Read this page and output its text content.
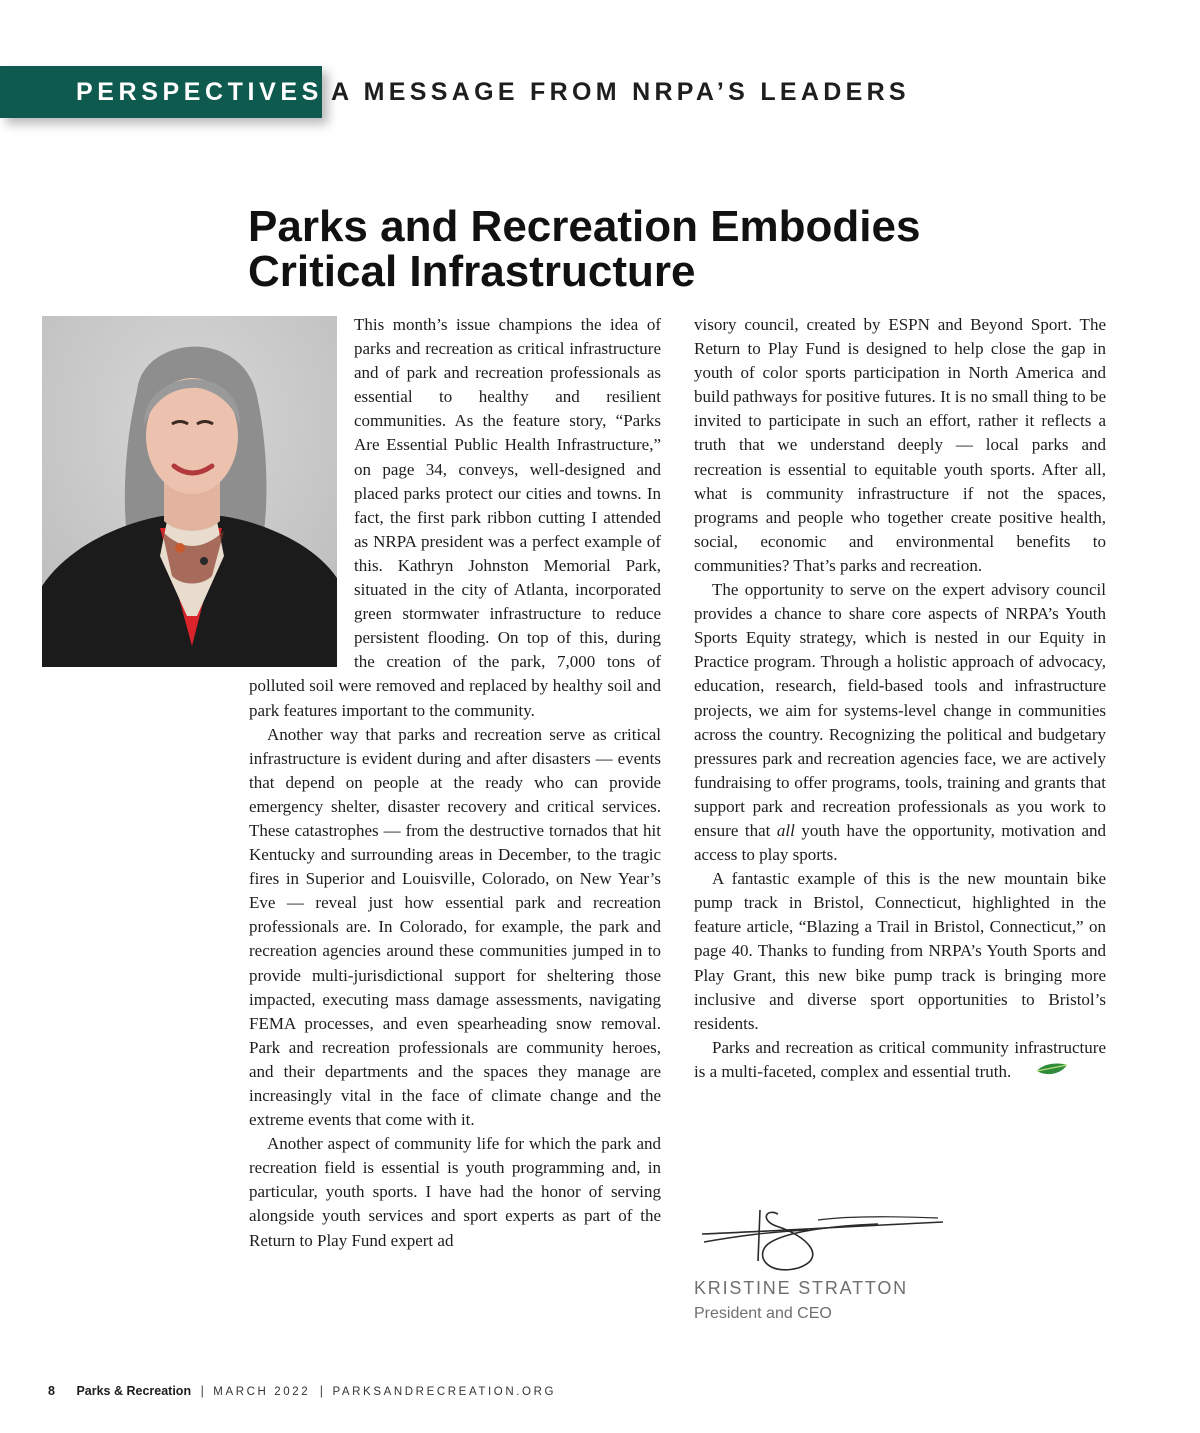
PERSPECTIVES A MESSAGE FROM NRPA’S LEADERS
Parks and Recreation Embodies
Critical Infrastructure

This month’s issue champions the idea of parks and recreation as critical infrastructure and of park and recreation professionals as essential to healthy and resilient communities. As the feature story, “Parks Are Essential Public Health Infrastructure,” on page 34, conveys, well-designed and placed parks protect our cities and towns. In fact, the first park ribbon cutting I attended as NRPA president was a perfect example of this. Kathryn Johnston Memorial Park, situated in the city of Atlanta, incorporated green stormwater infrastructure to reduce persistent flooding. On top of this, during the creation of the park, 7,000 tons of polluted soil were removed and replaced by healthy soil and park features important to the community.

Another way that parks and recreation serve as critical infrastructure is evident during and after disasters — events that depend on people at the ready who can provide emergency shelter, disaster recovery and critical services. These catastrophes — from the destructive tornados that hit Kentucky and surrounding areas in December, to the tragic fires in Superior and Louisville, Colorado, on New Year’s Eve — reveal just how essential park and recreation professionals are. In Colorado, for example, the park and recreation agencies around these communities jumped in to provide multi-jurisdictional support for sheltering those impacted, executing mass damage assessments, navigating FEMA processes, and even spearheading snow removal. Park and recreation professionals are community heroes, and their departments and the spaces they manage are increasingly vital in the face of climate change and the extreme events that come with it.

Another aspect of community life for which the park and recreation field is essential is youth programming and, in particular, youth sports. I have had the honor of serving alongside youth services and sport experts as part of the Return to Play Fund expert ad

visory council, created by ESPN and Beyond Sport. The Return to Play Fund is designed to help close the gap in youth of color sports participation in North America and build pathways for positive futures. It is no small thing to be invited to participate in such an effort, rather it reflects a truth that we understand deeply — local parks and recreation is essential to equitable youth sports. After all, what is community infrastructure if not the spaces, programs and people who together create positive health, social, economic and environmental benefits to communities? That’s parks and recreation.

The opportunity to serve on the expert advisory council provides a chance to share core aspects of NRPA’s Youth Sports Equity strategy, which is nested in our Equity in Practice program. Through a holistic approach of advocacy, education, research, field-based tools and infrastructure projects, we aim for systems-level change in communities across the country. Recognizing the political and budgetary pressures park and recreation agencies face, we are actively fundraising to offer programs, tools, training and grants that support park and recreation professionals as you work to ensure that all youth have the opportunity, motivation and access to play sports.

A fantastic example of this is the new mountain bike pump track in Bristol, Connecticut, highlighted in the feature article, “Blazing a Trail in Bristol, Connecticut,” on page 40. Thanks to funding from NRPA’s Youth Sports and Play Grant, this new bike pump track is bringing more inclusive and diverse sport opportunities to Bristol’s residents.

Parks and recreation as critical community infrastructure is a multi-faceted, complex and essential truth.

KRISTINE STRATTON
President and CEO
8 Parks & Recreation | MARCH 2022 | PARKSANDRECREATION.ORG
